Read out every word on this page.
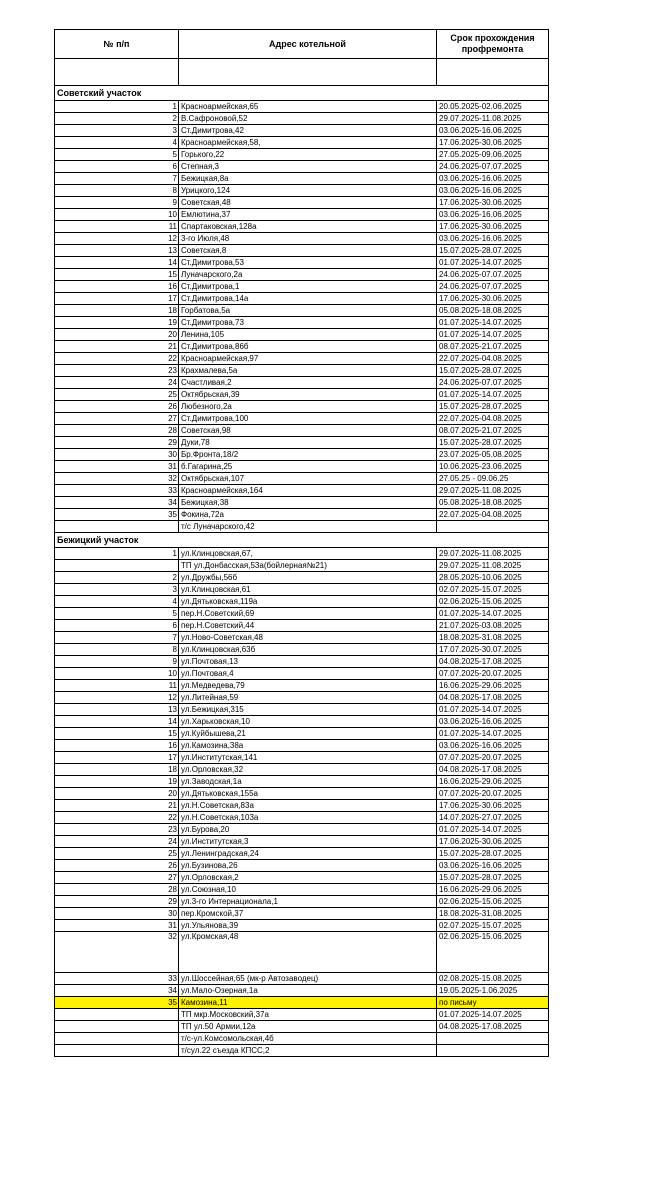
№ п/п	Адрес котельной	Срок прохождения профремонта

Советский участок		
1	Красноармейская,65	20.05.2025-02.06.2025
2	В.Сафроновой,52	29.07.2025-11.08.2025
3	Ст.Димитрова,42	03.06.2025-16.06.2025
4	Красноармейская,58,	17.06.2025-30.06.2025
5	Горького,22	27.05.2025-09.06.2025
6	Степная,3	24.06.2025-07.07.2025
7	Бежицкая,8а	03.06.2025-16.06.2025
8	Урицкого,124	03.06.2025-16.06.2025
9	Советская,48	17.06.2025-30.06.2025
10	Емлютина,37	03.06.2025-16.06.2025
11	Спартаковская,128а	17.06.2025-30.06.2025
12	3-го Июля,48	03.06.2025-16.06.2025
13	Советская,8	15.07.2025-28.07.2025
14	Ст.Димитрова,53	01.07.2025-14.07.2025
15	Луначарского,2а	24.06.2025-07.07.2025
16	Ст.Димитрова,1	24.06.2025-07.07.2025
17	Ст.Димитрова,14а	17.06.2025-30.06.2025
18	Горбатова,5а	05.08.2025-18.08.2025
19	Ст.Димитрова,73	01.07.2025-14.07.2025
20	Ленина,105	01.07.2025-14.07.2025
21	Ст.Димитрова,86б	08.07.2025-21.07.2025
22	Красноармейская,97	22.07.2025-04.08.2025
23	Крахмалева,5а	15.07.2025-28.07.2025
24	Счастливая,2	24.06.2025-07.07.2025
25	Октябрьская,39	01.07.2025-14.07.2025
26	Любезного,2а	15.07.2025-28.07.2025
27	Ст.Димитрова,100	22.07.2025-04.08.2025
28	Советская,98	08.07.2025-21.07.2025
29	Дуки,78	15.07.2025-28.07.2025
30	Бр.Фронта,18/2	23.07.2025-05.08.2025
31	б.Гагарина,25	10.06.2025-23.06.2025
32	Октябрьская,107	27.05.25 - 09.06.25
33	Красноармейская,164	29.07.2025-11.08.2025
34	Бежицкая,38	05.08.2025-18.08.2025
35	Фокина,72а	22.07.2025-04.08.2025
	т/с Луначарского,42	
Бежицкий участок		
1	ул.Клинцовская,67,	29.07.2025-11.08.2025
	ТП ул.Донбасская,53а(бойлерная№21)	29.07.2025-11.08.2025
2	ул.Дружбы,56б	28.05.2025-10.06.2025
3	ул.Клинцовская,61	02.07.2025-15.07.2025
4	ул.Дятьковская,119а	02.06.2025-15.06.2025
5	пер.Н.Советский,69	01.07.2025-14.07.2025
6	пер.Н.Советский,44	21.07.2025-03.08.2025
7	ул.Ново-Советская,48	18.08.2025-31.08.2025
8	ул.Клинцовская,63б	17.07.2025-30.07.2025
9	ул.Почтовая,13	04.08.2025-17.08.2025
10	ул.Почтовая,4	07.07.2025-20.07.2025
11	ул.Медведева,79	16.06.2025-29.06.2025
12	ул.Литейная,59	04.08.2025-17.08.2025
13	ул.Бежицкая,315	01.07.2025-14.07.2025
14	ул.Харьковская,10	03.06.2025-16.06.2025
15	ул.Куйбышева,21	01.07.2025-14.07.2025
16	ул.Камозина,38а	03.06.2025-16.06.2025
17	ул.Институтская,141	07.07.2025-20.07.2025
18	ул.Орловская,32	04.08.2025-17.08.2025
19	ул.Заводская,1а	16.06.2025-29.06.2025
20	ул.Дятьковская,155а	07.07.2025-20.07.2025
21	ул.Н.Советская,83а	17.06.2025-30.06.2025
22	ул.Н.Советская,103а	14.07.2025-27.07.2025
23	ул.Бурова,20	01.07.2025-14.07.2025
24	ул.Институтская,3	17.06.2025-30.06.2025
25	ул.Ленинградская,24	15.07.2025-28.07.2025
26	ул.Бузинова,26	03.06.2025-16.06.2025
27	ул.Орловская,2	15.07.2025-28.07.2025
28	ул.Союзная,10	16.06.2025-29.06.2025
29	ул.3-го Интернационала,1	02.06.2025-15.06.2025
30	пер.Кромской,37	18.08.2025-31.08.2025
31	ул.Ульянова,39	02.07.2025-15.07.2025
32	ул.Кромская,48	02.06.2025-15.06.2025
33	ул.Шоссейная,65 (мк-р Автозаводец)	02.08.2025-15.08.2025
34	ул.Мало-Озерная,1а	19.05.2025-1.06.2025
35	Камозина,11	по письму
	ТП мкр.Московский,37а	01.07.2025-14.07.2025
	ТП ул.50 Армии,12а	04.08.2025-17.08.2025
	т/с-ул.Комсомольская,4б	
	т/сул.22 съезда КПСС,2	
